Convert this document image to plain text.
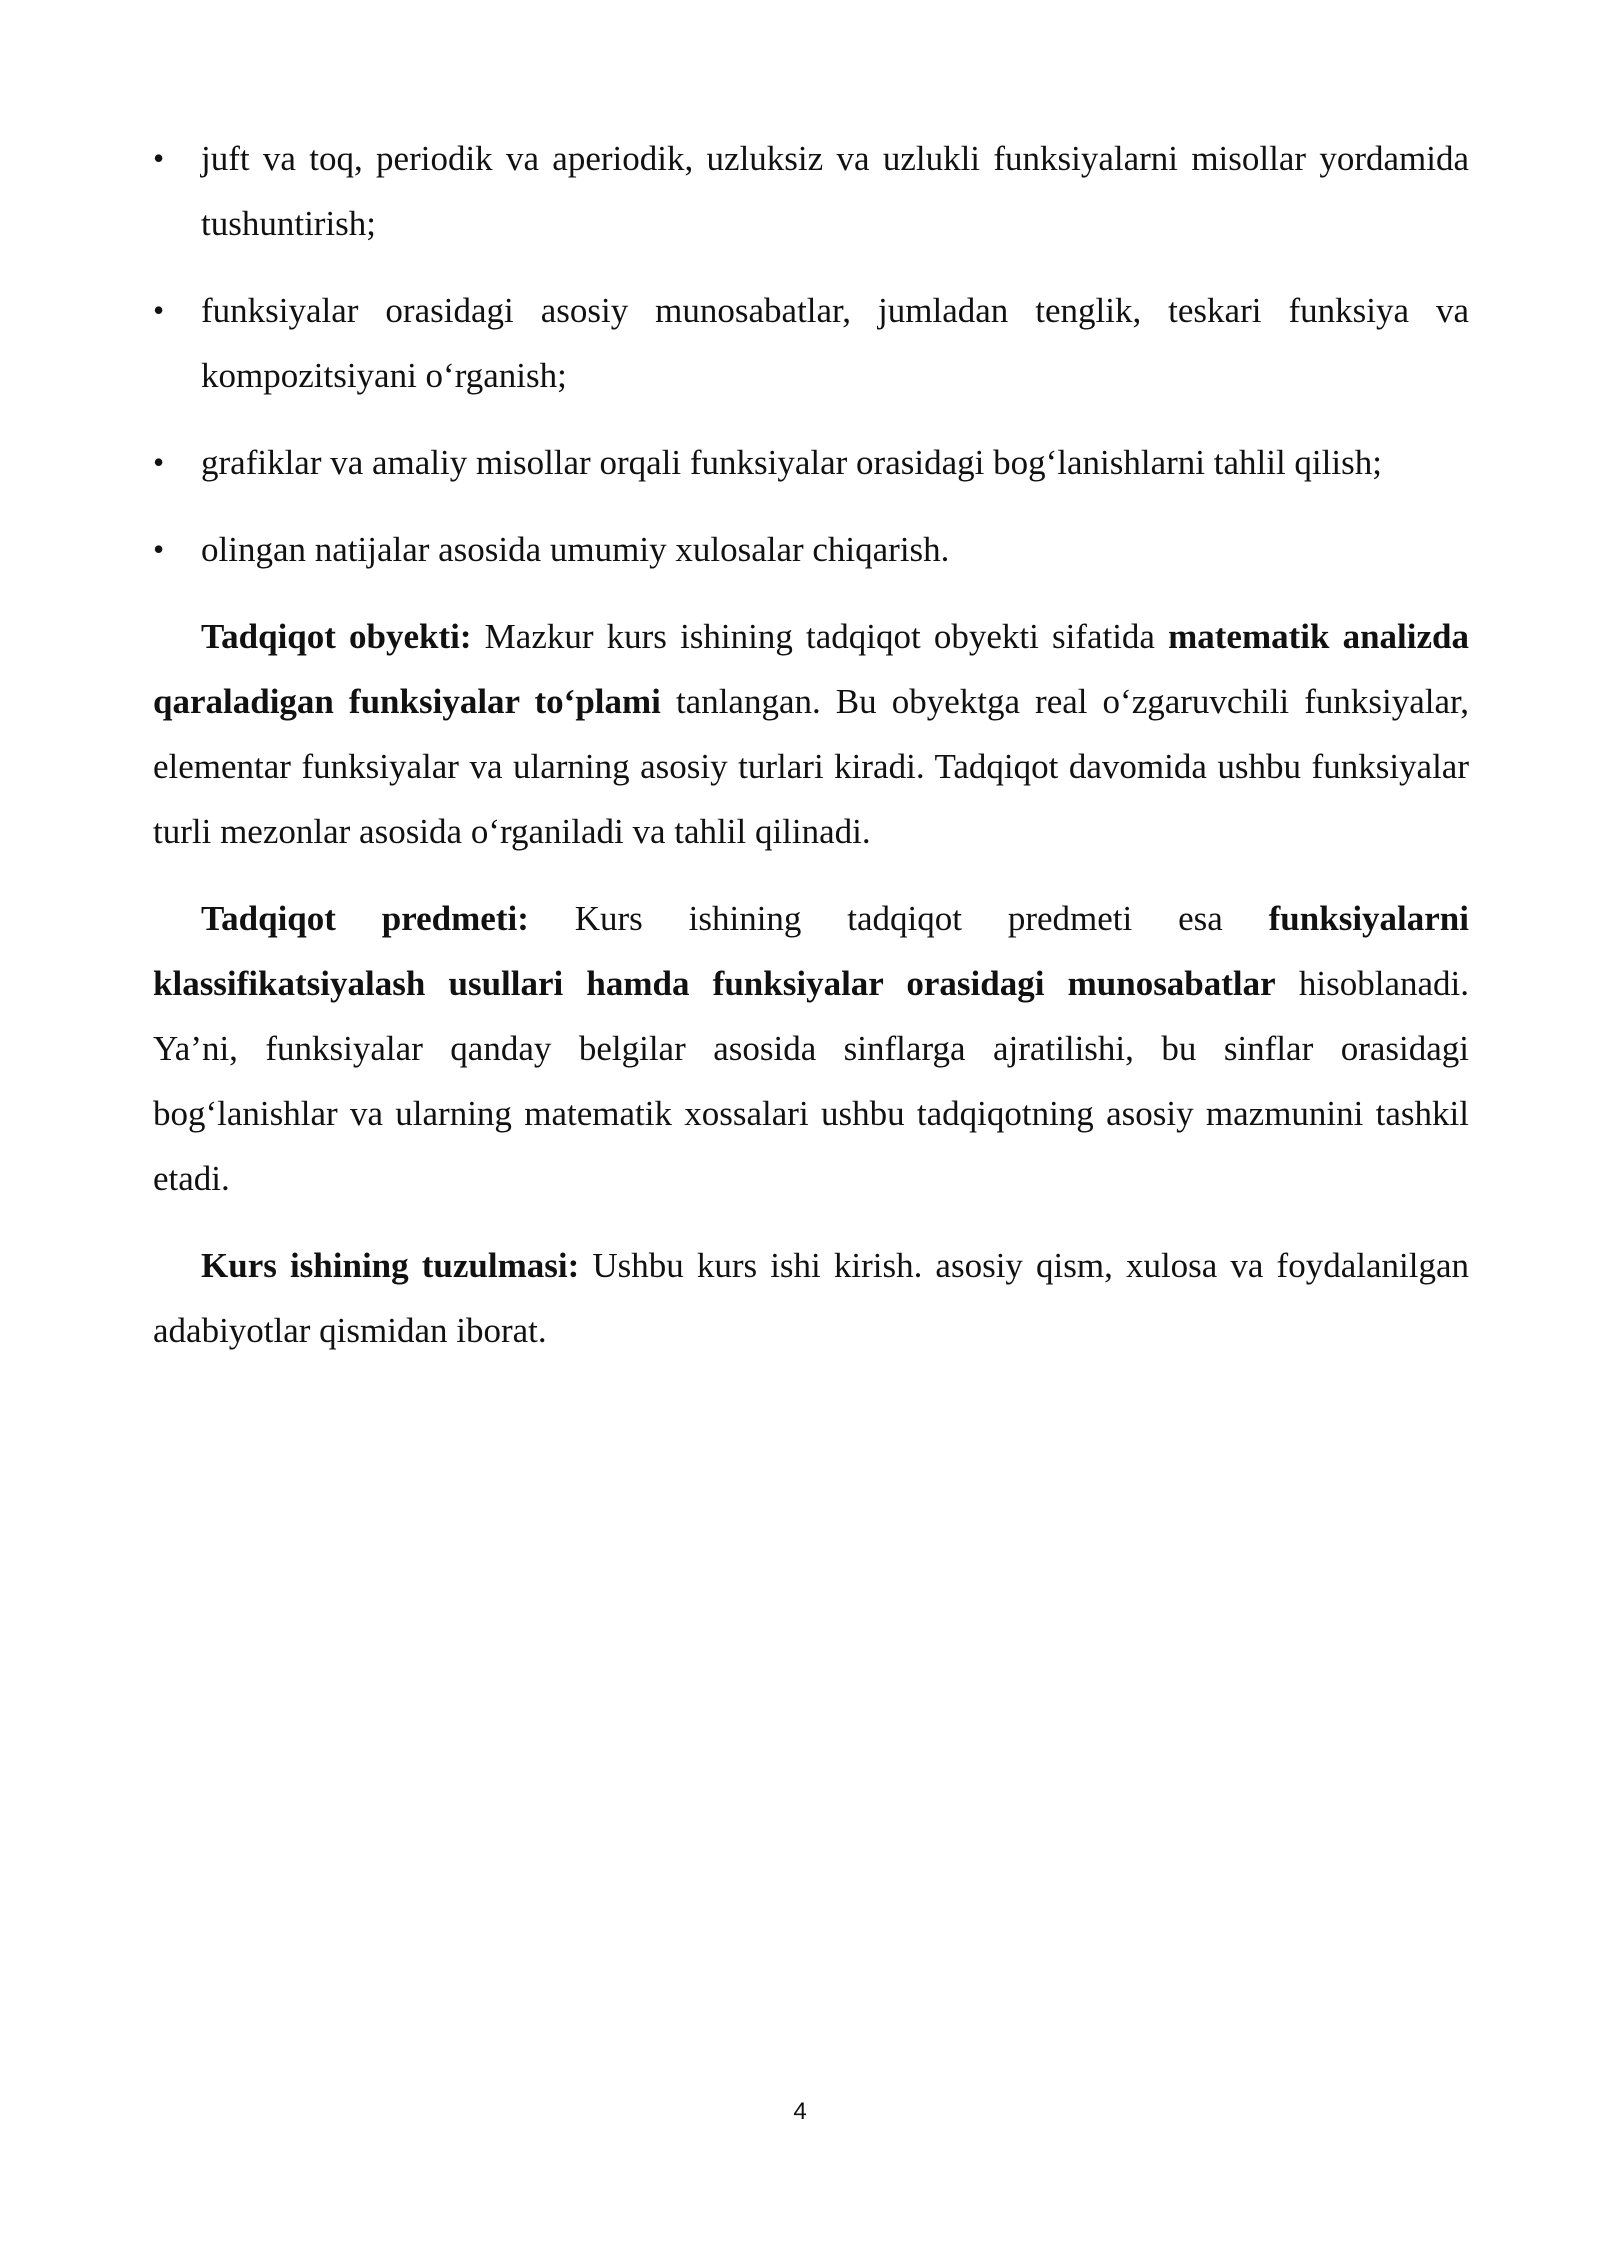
•	juft va toq, periodik va aperiodik, uzluksiz va uzlukli funksiyalarni misollar yordamida tushuntirish;
•	funksiyalar orasidagi asosiy munosabatlar, jumladan tenglik, teskari funksiya va kompozitsiyani o‘rganish;
•	grafiklar va amaliy misollar orqali funksiyalar orasidagi bog‘lanishlarni tahlil qilish;
•	olingan natijalar asosida umumiy xulosalar chiqarish.

Tadqiqot obyekti: Mazkur kurs ishining tadqiqot obyekti sifatida matematik analizda qaraladigan funksiyalar to‘plami tanlangan. Bu obyektga real o‘zgaruvchili funksiyalar, elementar funksiyalar va ularning asosiy turlari kiradi. Tadqiqot davomida ushbu funksiyalar turli mezonlar asosida o‘rganiladi va tahlil qilinadi.

Tadqiqot predmeti: Kurs ishining tadqiqot predmeti esa funksiyalarni klassifikatsiyalash usullari hamda funksiyalar orasidagi munosabatlar hisoblanadi. Ya’ni, funksiyalar qanday belgilar asosida sinflarga ajratilishi, bu sinflar orasidagi bog‘lanishlar va ularning matematik xossalari ushbu tadqiqotning asosiy mazmunini tashkil etadi.

Kurs ishining tuzulmasi: Ushbu kurs ishi kirish. asosiy qism, xulosa va foydalanilgan adabiyotlar qismidan iborat.

4
